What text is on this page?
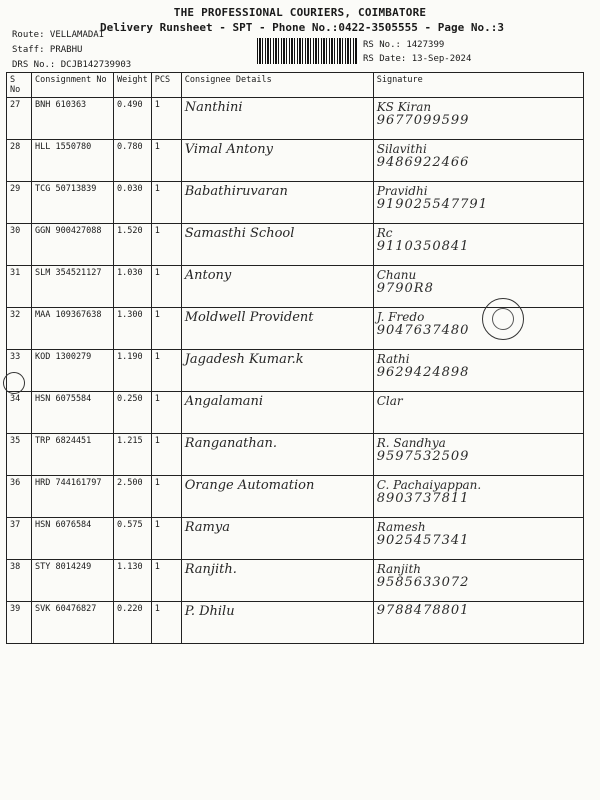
THE PROFESSIONAL COURIERS, COIMBATORE
Delivery Runsheet - SPT - Phone No.:0422-3505555 - Page No.:3
Route: VELLAMADAI
Staff: PRABHU
DRS No.: DCJB142739903
RS No.: 1427399
RS Date: 13-Sep-2024
S No	Consignment No	Weight	PCS	Consignee Details	Signature
27	BNH 610363	0.490	1	Nanthini	KS Kiran
9677099599

28	HLL 1550780	0.780	1	Vimal Antony	Silavithi
9486922466

29	TCG 50713839	0.030	1	Babathiruvaran	Pravidhi
919025547791

30	GGN 900427088	1.520	1	Samasthi School	Rc
9110350841

31	SLM 354521127	1.030	1	Antony	Chanu
9790R8

32	MAA 109367638	1.300	1	Moldwell Provident	J. Fredo
9047637480

33	KOD 1300279	1.190	1	Jagadesh Kumar.k	Rathi
9629424898

34	HSN 6075584	0.250	1	Angalamani	Clar

35	TRP 6824451	1.215	1	Ranganathan.	R. Sandhya
9597532509

36	HRD 744161797	2.500	1	Orange Automation	C. Pachaiyappan.
8903737811

37	HSN 6076584	0.575	1	Ramya	Ramesh
9025457341

38	STY 8014249	1.130	1	Ranjith.	Ranjith
9585633072

39	SVK 60476827	0.220	1	P. Dhilu	9788478801
